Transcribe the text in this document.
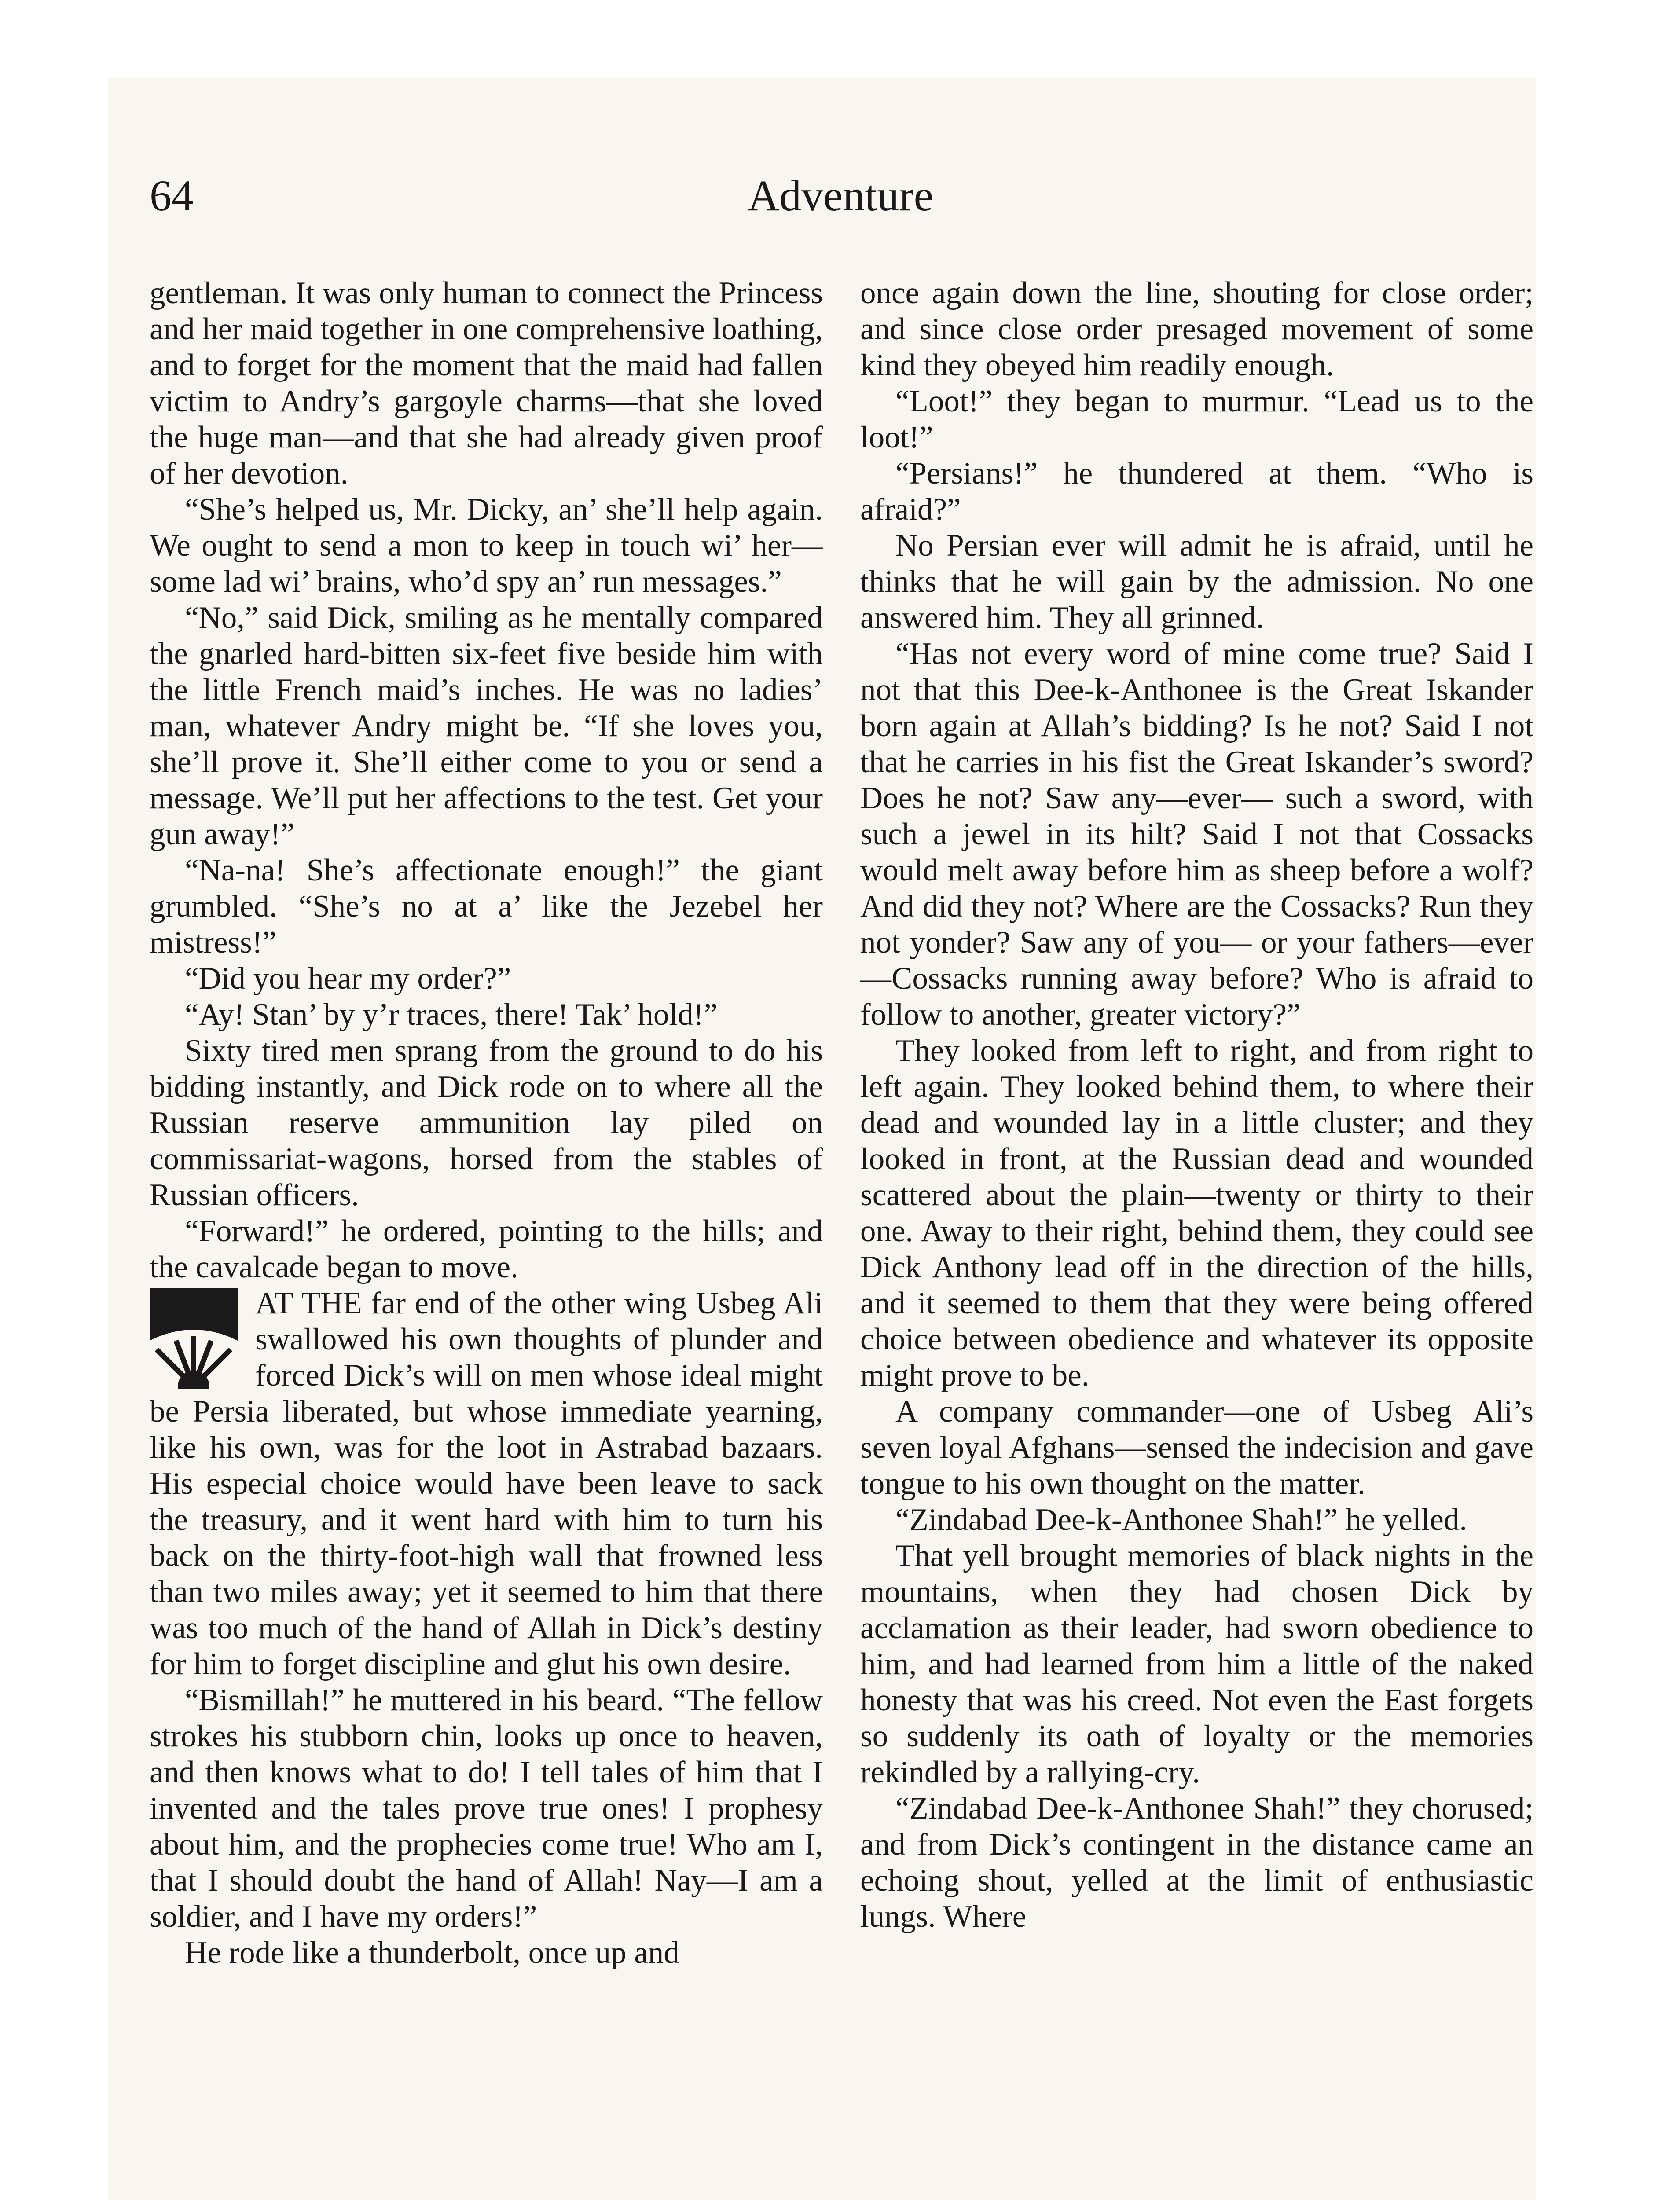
64	Adventure

gentleman. It was only human to connect the Princess and her maid together in one comprehensive loathing, and to forget for the moment that the maid had fallen victim to Andry’s gargoyle charms—that she loved the huge man—and that she had already given proof of her devotion.

“She’s helped us, Mr. Dicky, an’ she’ll help again. We ought to send a mon to keep in touch wi’ her—some lad wi’ brains, who’d spy an’ run messages.”

“No,” said Dick, smiling as he mentally compared the gnarled hard-bitten six-feet five beside him with the little French maid’s inches. He was no ladies’ man, whatever Andry might be. “If she loves you, she’ll prove it. She’ll either come to you or send a message. We’ll put her affections to the test. Get your gun away!”

“Na-na! She’s affectionate enough!” the giant grumbled. “She’s no at a’ like the Jezebel her mistress!”

“Did you hear my order?”

“Ay! Stan’ by y’r traces, there! Tak’ hold!”

Sixty tired men sprang from the ground to do his bidding instantly, and Dick rode on to where all the Russian reserve ammunition lay piled on commissariat-wagons, horsed from the stables of Russian officers.

“Forward!” he ordered, pointing to the hills; and the cavalcade began to move.

AT THE far end of the other wing Usbeg Ali swallowed his own thoughts of plunder and forced Dick’s will on men whose ideal might be Persia liberated, but whose immediate yearning, like his own, was for the loot in Astrabad bazaars. His especial choice would have been leave to sack the treasury, and it went hard with him to turn his back on the thirty-foot-high wall that frowned less than two miles away; yet it seemed to him that there was too much of the hand of Allah in Dick’s destiny for him to forget discipline and glut his own desire.

“Bismillah!” he muttered in his beard. “The fellow strokes his stubborn chin, looks up once to heaven, and then knows what to do! I tell tales of him that I invented and the tales prove true ones! I prophesy about him, and the prophecies come true! Who am I, that I should doubt the hand of Allah! Nay—I am a soldier, and I have my orders!”

He rode like a thunderbolt, once up and

once again down the line, shouting for close order; and since close order presaged movement of some kind they obeyed him readily enough.

“Loot!” they began to murmur. “Lead us to the loot!”

“Persians!” he thundered at them. “Who is afraid?”

No Persian ever will admit he is afraid, until he thinks that he will gain by the admission. No one answered him. They all grinned.

“Has not every word of mine come true? Said I not that this Dee-k-Anthonee is the Great Iskander born again at Allah’s bidding? Is he not? Said I not that he carries in his fist the Great Iskander’s sword? Does he not? Saw any—ever— such a sword, with such a jewel in its hilt? Said I not that Cossacks would melt away before him as sheep before a wolf? And did they not? Where are the Cossacks? Run they not yonder? Saw any of you— or your fathers—ever—Cossacks running away before? Who is afraid to follow to another, greater victory?”

They looked from left to right, and from right to left again. They looked behind them, to where their dead and wounded lay in a little cluster; and they looked in front, at the Russian dead and wounded scattered about the plain—twenty or thirty to their one. Away to their right, behind them, they could see Dick Anthony lead off in the direction of the hills, and it seemed to them that they were being offered choice between obedience and whatever its opposite might prove to be.

A company commander—one of Usbeg Ali’s seven loyal Afghans—sensed the indecision and gave tongue to his own thought on the matter.

“Zindabad Dee-k-Anthonee Shah!” he yelled.

That yell brought memories of black nights in the mountains, when they had chosen Dick by acclamation as their leader, had sworn obedience to him, and had learned from him a little of the naked honesty that was his creed. Not even the East forgets so suddenly its oath of loyalty or the memories rekindled by a rallying-cry.

“Zindabad Dee-k-Anthonee Shah!” they chorused; and from Dick’s contingent in the distance came an echoing shout, yelled at the limit of enthusiastic lungs. Where
